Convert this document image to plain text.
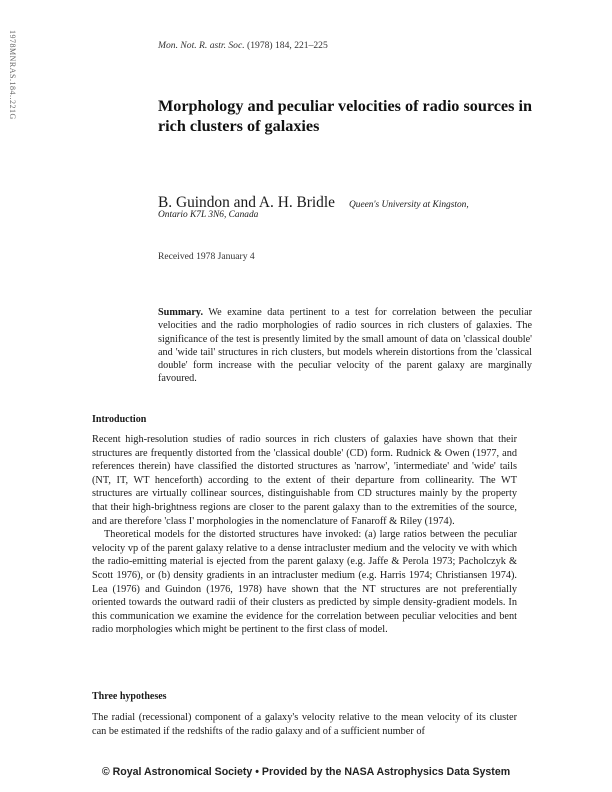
1978MNRAS.184..221G	Mon. Not. R. astr. Soc. (1978) 184, 221–225
Morphology and peculiar velocities of radio sources in rich clusters of galaxies
B. Guindon and A. H. Bridle Queen's University at Kingston,
Ontario K7L 3N6, Canada
Received 1978 January 4
Summary. We examine data pertinent to a test for correlation between the peculiar velocities and the radio morphologies of radio sources in rich clusters of galaxies. The significance of the test is presently limited by the small amount of data on 'classical double' and 'wide tail' structures in rich clusters, but models wherein distortions from the 'classical double' form increase with the peculiar velocity of the parent galaxy are marginally favoured.
Introduction

Recent high-resolution studies of radio sources in rich clusters of galaxies have shown that their structures are frequently distorted from the 'classical double' (CD) form. Rudnick & Owen (1977, and references therein) have classified the distorted structures as 'narrow', 'intermediate' and 'wide' tails (NT, IT, WT henceforth) according to the extent of their departure from collinearity. The WT structures are virtually collinear sources, distinguishable from CD structures mainly by the property that their high-brightness regions are closer to the parent galaxy than to the extremities of the source, and are therefore 'class I' morphologies in the nomenclature of Fanaroff & Riley (1974).

Theoretical models for the distorted structures have invoked: (a) large ratios between the peculiar velocity vp of the parent galaxy relative to a dense intracluster medium and the velocity ve with which the radio-emitting material is ejected from the parent galaxy (e.g. Jaffe & Perola 1973; Pacholczyk & Scott 1976), or (b) density gradients in an intracluster medium (e.g. Harris 1974; Christiansen 1974). Lea (1976) and Guindon (1976, 1978) have shown that the NT structures are not preferentially oriented towards the outward radii of their clusters as predicted by simple density-gradient models. In this communication we examine the evidence for the correlation between peculiar velocities and bent radio morphologies which might be pertinent to the first class of model.

Three hypotheses

The radial (recessional) component of a galaxy's velocity relative to the mean velocity of its cluster can be estimated if the redshifts of the radio galaxy and of a sufficient number of

© Royal Astronomical Society • Provided by the NASA Astrophysics Data System
